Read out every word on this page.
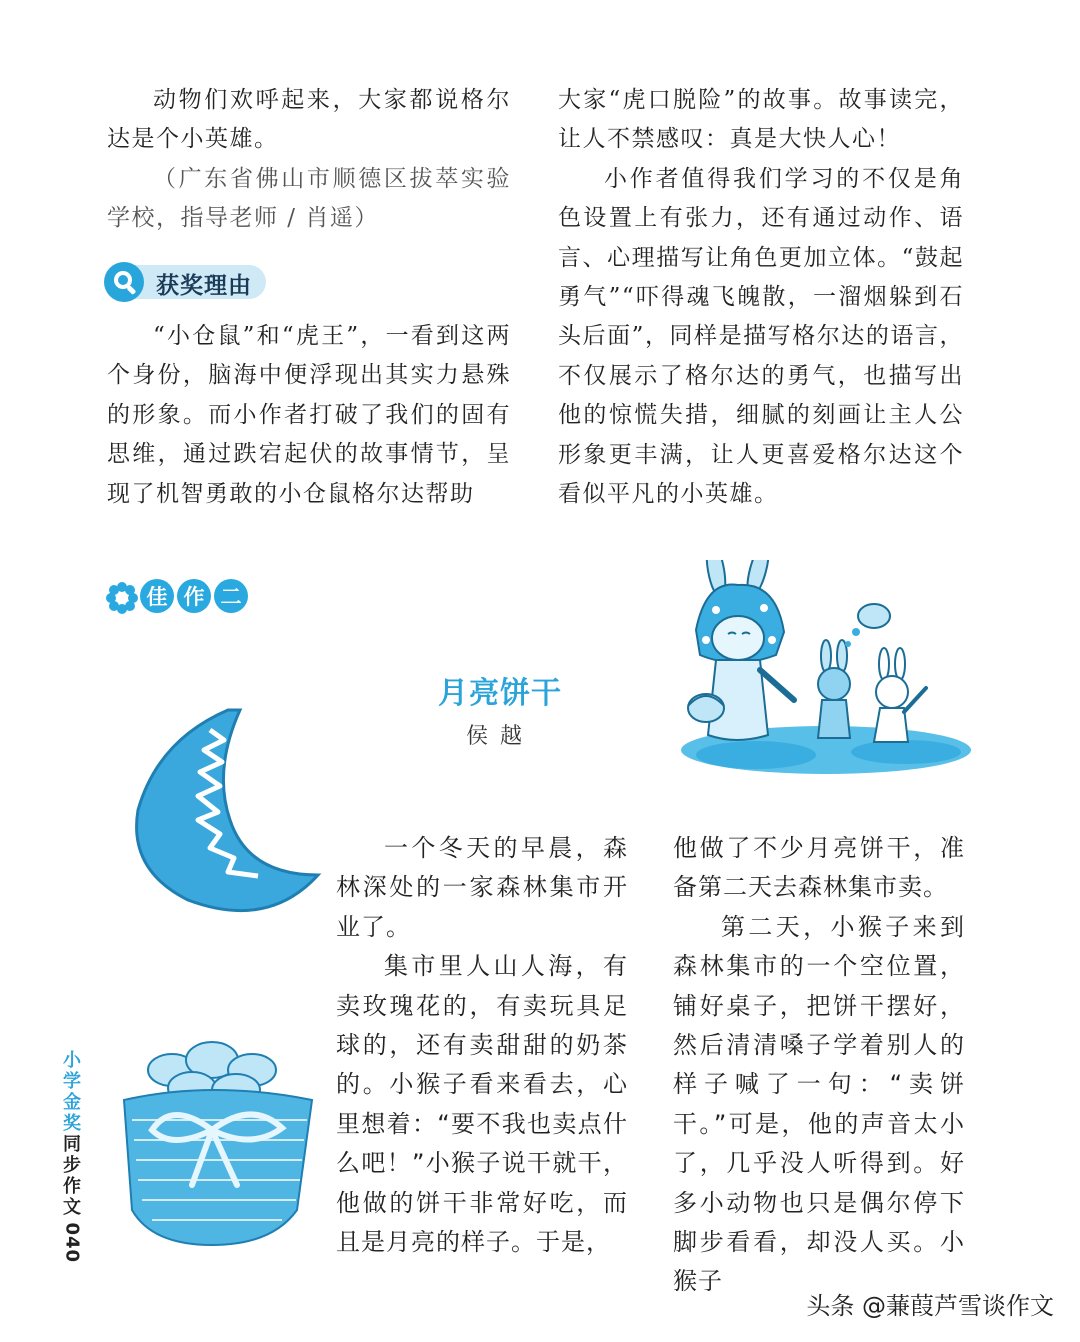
动物们欢呼起来，大家都说格尔达是个小英雄。

（广东省佛山市顺德区拔萃实验学校，指导老师 / 肖遥）

获奖理由

“小仓鼠”和“虎王”，一看到这两个身份，脑海中便浮现出其实力悬殊的形象。而小作者打破了我们的固有思维，通过跌宕起伏的故事情节，呈现了机智勇敢的小仓鼠格尔达帮助

大家“虎口脱险”的故事。故事读完，让人不禁感叹：真是大快人心！

小作者值得我们学习的不仅是角色设置上有张力，还有通过动作、语言、心理描写让角色更加立体。“鼓起勇气”“吓得魂飞魄散，一溜烟躲到石头后面”，同样是描写格尔达的语言，不仅展示了格尔达的勇气，也描写出他的惊慌失措，细腻的刻画让主人公形象更丰满，让人更喜爱格尔达这个看似平凡的小英雄。

佳 作 二
月亮饼干
侯越

一个冬天的早晨，森林深处的一家森林集市开业了。

集市里人山人海，有卖玫瑰花的，有卖玩具足球的，还有卖甜甜的奶茶的。小猴子看来看去，心里想着：“要不我也卖点什么吧！”小猴子说干就干，他做的饼干非常好吃，而且是月亮的样子。于是，

他做了不少月亮饼干，准备第二天去森林集市卖。

第二天，小猴子来到森林集市的一个空位置，铺好桌子，把饼干摆好，然后清清嗓子学着别人的样子喊了一句：“卖饼干。”可是，他的声音太小了，几乎没人听得到。好多小动物也只是偶尔停下脚步看看，却没人买。小猴子

小学金奖
同步作文
040
头条 @蒹葭芦雪谈作文
